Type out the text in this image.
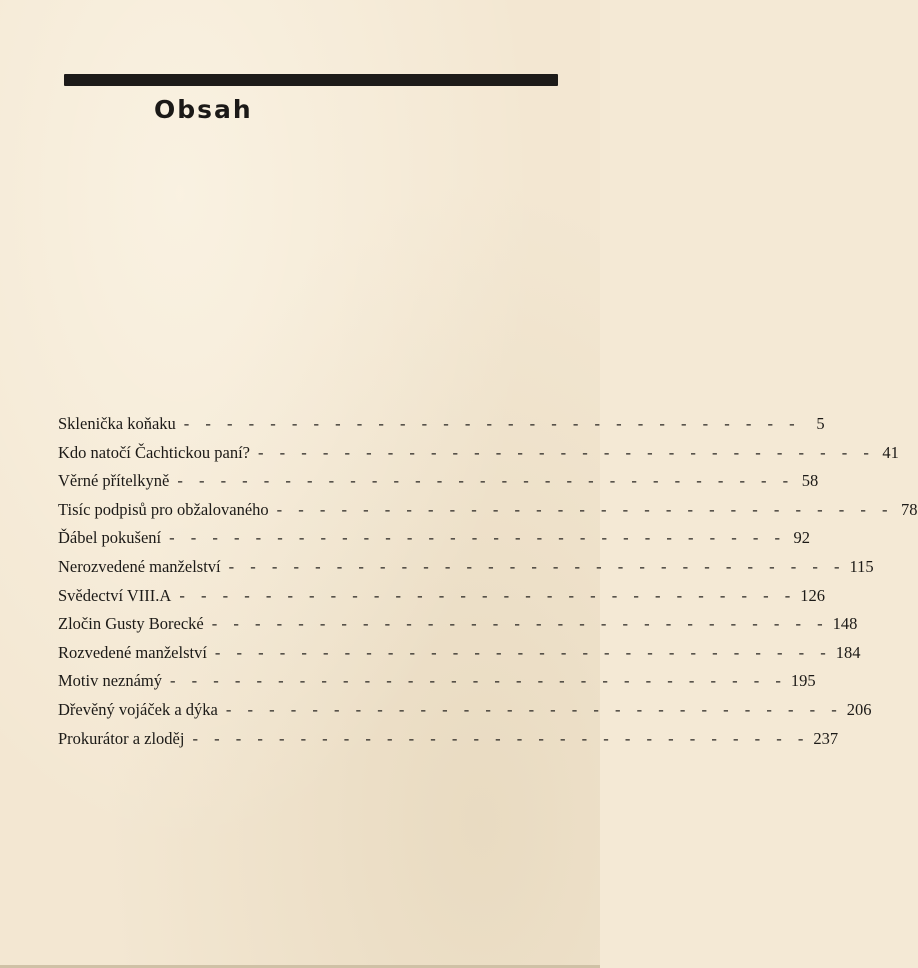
Obsah
Sklenička koňaku - - - - - - - - - - - - - - - - - - - - - - - - - - - - - 5
Kdo natočí Čachtickou paní? - - - - - - - - - - - - - - - - - - - - - - - - - - - - - 41
Věrné přítelkyně - - - - - - - - - - - - - - - - - - - - - - - - - - - - - 58
Tisíc podpisů pro obžalovaného - - - - - - - - - - - - - - - - - - - - - - - - - - - - - 78
Ďábel pokušení - - - - - - - - - - - - - - - - - - - - - - - - - - - - - 92
Nerozvedené manželství - - - - - - - - - - - - - - - - - - - - - - - - - - - - - 115
Svědectví VIII.A - - - - - - - - - - - - - - - - - - - - - - - - - - - - - 126
Zločin Gusty Borecké - - - - - - - - - - - - - - - - - - - - - - - - - - - - - 148
Rozvedené manželství - - - - - - - - - - - - - - - - - - - - - - - - - - - - - 184
Motiv neznámý - - - - - - - - - - - - - - - - - - - - - - - - - - - - - 195
Dřevěný vojáček a dýka - - - - - - - - - - - - - - - - - - - - - - - - - - - - - 206
Prokurátor a zloděj - - - - - - - - - - - - - - - - - - - - - - - - - - - - - 237
